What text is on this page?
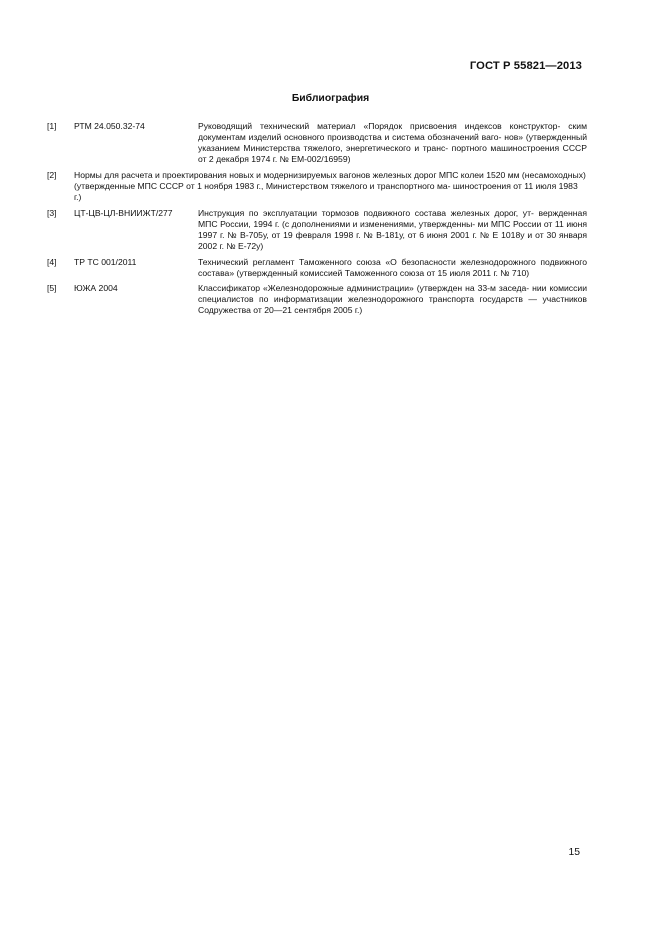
ГОСТ Р 55821—2013
Библиография
[1]	РТМ 24.050.32-74	Руководящий технический материал «Порядок присвоения индексов конструктор- ским документам изделий основного производства и система обозначений ваго- нов» (утвержденный указанием Министерства тяжелого, энергетического и транс- портного машиностроения СССР от 2 декабря 1974 г. № ЕМ-002/16959)
[2]	Нормы для расчета и проектирования новых и модернизируемых вагонов железных дорог МПС колеи 1520 мм (несамоходных) (утвержденные МПС СССР от 1 ноября 1983 г., Министерством тяжелого и транспортного ма- шиностроения от 11 июля 1983 г.)
[3]	ЦТ-ЦВ-ЦЛ-ВНИИЖТ/277	Инструкция по эксплуатации тормозов подвижного состава железных дорог, ут- вержденная МПС России, 1994 г. (с дополнениями и изменениями, утвержденны- ми МПС России от 11 июня 1997 г. № В-705у, от 19 февраля 1998 г. № В-181у, от 6 июня 2001 г. № Е 1018у и от 30 января 2002 г. № Е-72у)
[4]	ТР ТС 001/2011	Технический регламент Таможенного союза «О безопасности железнодорожного подвижного состава» (утвержденный комиссией Таможенного союза от 15 июля 2011 г. № 710)
[5]	ЮЖА 2004	Классификатор «Железнодорожные администрации» (утвержден на 33-м заседа- нии комиссии специалистов по информатизации железнодорожного транспорта государств — участников Содружества от 20—21 сентября 2005 г.)
15
